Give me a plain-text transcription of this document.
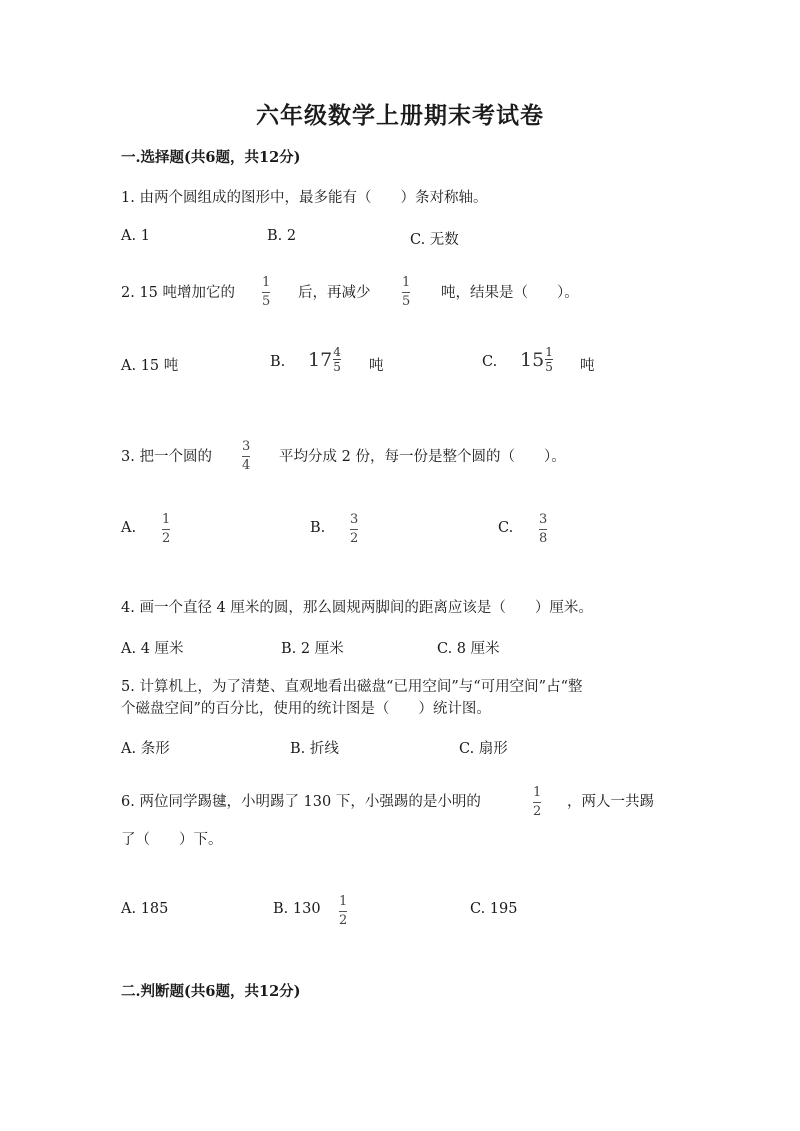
六年级数学上册期末考试卷
一.选择题(共6题，共12分)
1. 由两个圆组成的图形中，最多能有（　　）条对称轴。
A. 1	B. 2	C. 无数
2. 15 吨增加它的
1
5
后，再减少
1
5
吨，结果是（　　）。
A. 15 吨	B. 17 4
5 吨	C. 15 1
5 吨
3. 把一个圆的
3
4
平均分成 2 份，每一份是整个圆的（　　）。
A.
1
2
B.
3
2
C.
3
8
4. 画一个直径 4 厘米的圆，那么圆规两脚间的距离应该是（　　）厘米。
A. 4 厘米	B. 2 厘米	C. 8 厘米
5. 计算机上，为了清楚、直观地看出磁盘“已用空间”与“可用空间”占“整
个磁盘空间”的百分比，使用的统计图是（　　）统计图。
A. 条形	B. 折线	C. 扇形
6. 两位同学踢毽，小明踢了 130 下，小强踢的是小明的
1
2
，两人一共踢
了（　　）下。
A. 185	B. 130 1
2
C. 195
二.判断题(共6题，共12分)
